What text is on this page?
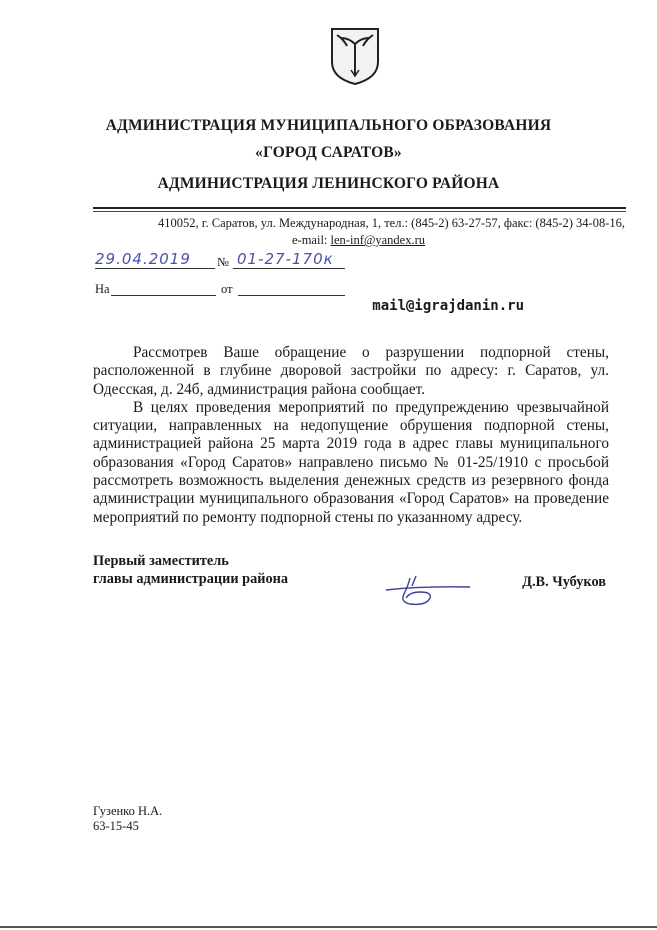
АДМИНИСТРАЦИЯ МУНИЦИПАЛЬНОГО ОБРАЗОВАНИЯ
«ГОРОД САРАТОВ»
АДМИНИСТРАЦИЯ ЛЕНИНСКОГО РАЙОНА
410052, г. Саратов, ул. Международная, 1, тел.: (845-2) 63-27-57, факс: (845-2) 34-08-16,
e-mail: len-inf@yandex.ru
29.04.2019 № 01-27-170к
На	от
mail@igrajdanin.ru

Рассмотрев Ваше обращение о разрушении подпорной стены, расположенной в глубине дворовой застройки по адресу: г. Саратов, ул. Одесская, д. 24б, администрация района сообщает.

В целях проведения мероприятий по предупреждению чрезвычайной ситуации, направленных на недопущение обрушения подпорной стены, администрацией района 25 марта 2019 года в адрес главы муниципального образования «Город Саратов» направлено письмо № 01-25/1910 с просьбой рассмотреть возможность выделения денежных средств из резервного фонда администрации муниципального образования «Город Саратов» на проведение мероприятий по ремонту подпорной стены по указанному адресу.

Первый заместитель
главы администрации района	Д.В. Чубуков
Гузенко Н.А.
63-15-45
